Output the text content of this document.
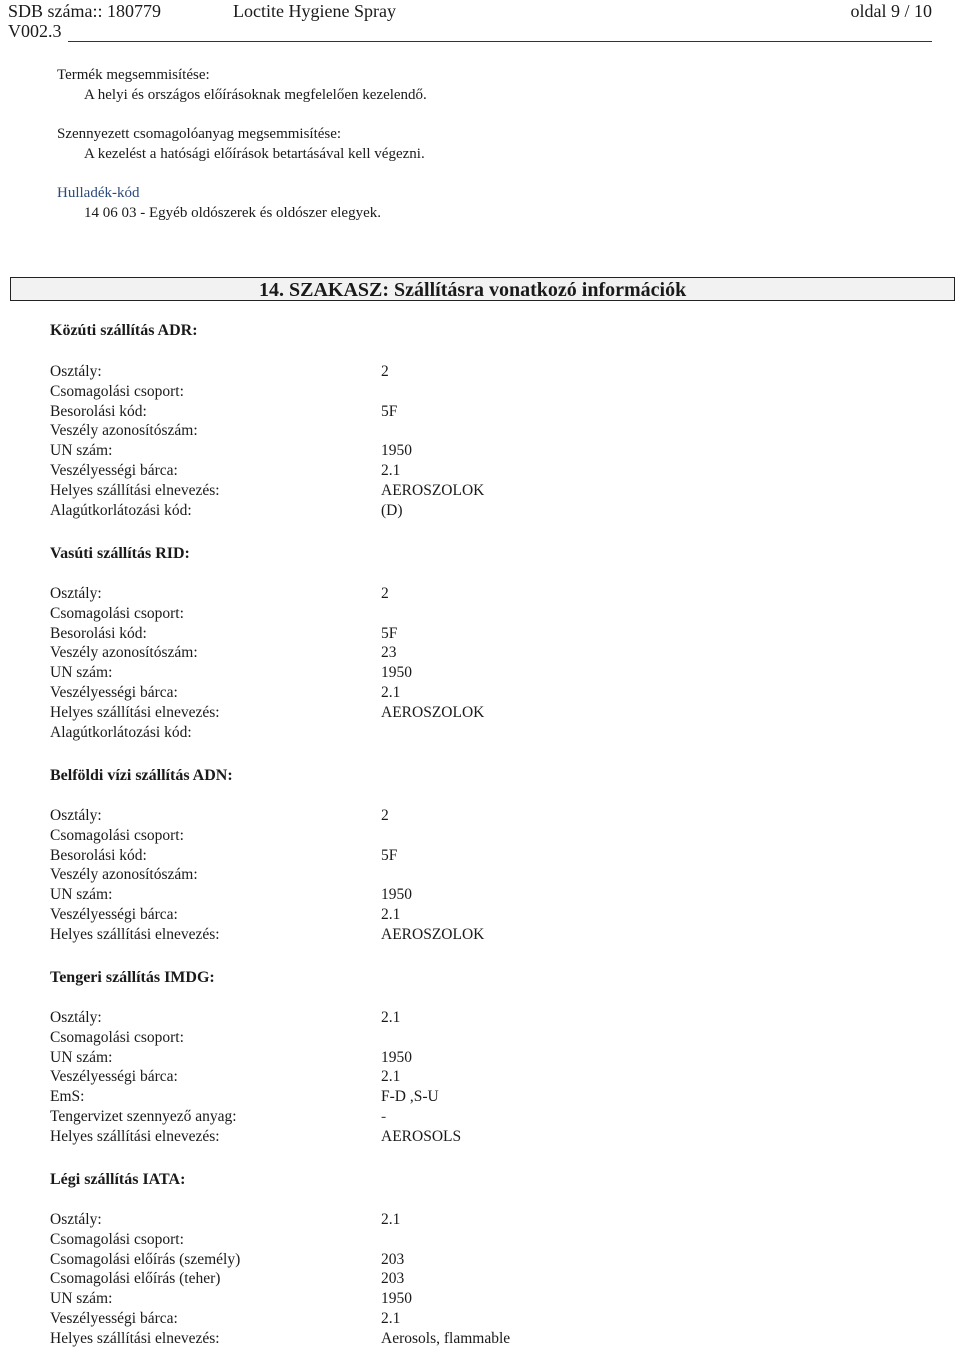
SDB száma:: 180779	Loctite Hygiene Spray	oldal 9 / 10
V002.3
Termék megsemmisítése:
A helyi és országos előírásoknak megfelelően kezelendő.
Szennyezett csomagolóanyag megsemmisítése:
A kezelést a hatósági előírások betartásával kell végezni.
Hulladék-kód
14 06 03 - Egyéb oldószerek és oldószer elegyek.
14. SZAKASZ: Szállításra vonatkozó információk
Közúti szállítás ADR:
Osztály:	2
Csomagolási csoport:
Besorolási kód:	5F
Veszély azonosítószám:
UN szám:	1950
Veszélyességi bárca:	2.1
Helyes szállítási elnevezés:	AEROSZOLOK
Alagútkorlátozási kód:	(D)
Vasúti szállítás RID:
Osztály:	2
Csomagolási csoport:
Besorolási kód:	5F
Veszély azonosítószám:	23
UN szám:	1950
Veszélyességi bárca:	2.1
Helyes szállítási elnevezés:	AEROSZOLOK
Alagútkorlátozási kód:
Belföldi vízi szállítás ADN:
Osztály:	2
Csomagolási csoport:
Besorolási kód:	5F
Veszély azonosítószám:
UN szám:	1950
Veszélyességi bárca:	2.1
Helyes szállítási elnevezés:	AEROSZOLOK
Tengeri szállítás IMDG:
Osztály:	2.1
Csomagolási csoport:
UN szám:	1950
Veszélyességi bárca:	2.1
EmS:	F-D ,S-U
Tengervizet szennyező anyag:	-
Helyes szállítási elnevezés:	AEROSOLS
Légi szállítás IATA:
Osztály:	2.1
Csomagolási csoport:
Csomagolási előírás (személy)	203
Csomagolási előírás (teher)	203
UN szám:	1950
Veszélyességi bárca:	2.1
Helyes szállítási elnevezés:	Aerosols, flammable
